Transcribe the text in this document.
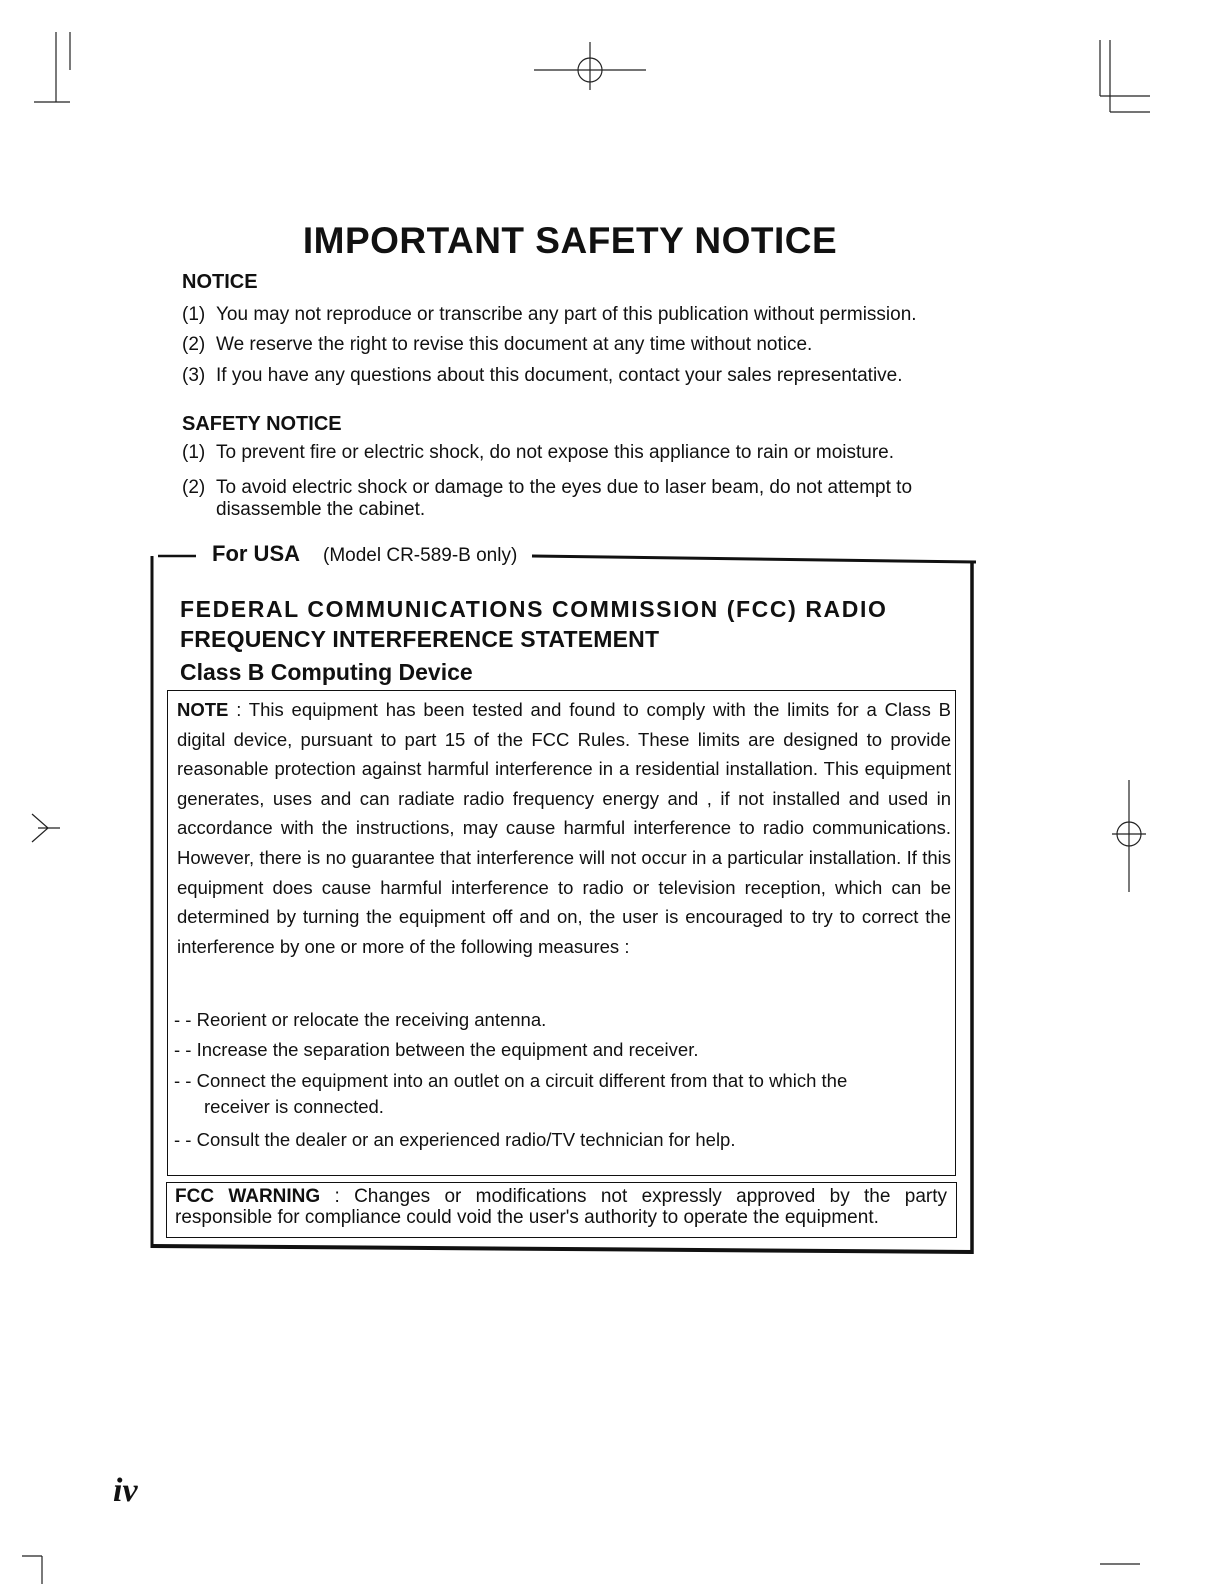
IMPORTANT SAFETY NOTICE
NOTICE
(1) You may not reproduce or transcribe any part of this publication without permission.
(2) We reserve the right to revise this document at any time without notice.
(3) If you have any questions about this document, contact your sales representative.
SAFETY NOTICE
(1) To prevent fire or electric shock, do not expose this appliance to rain or moisture.
(2) To avoid electric shock or damage to the eyes due to laser beam, do not attempt to
disassemble the cabinet.
For USA (Model CR-589-B only)
FEDERAL COMMUNICATIONS COMMISSION (FCC) RADIO
FREQUENCY INTERFERENCE STATEMENT
Class B Computing Device
NOTE : This equipment has been tested and found to comply with the limits for a Class B digital device, pursuant to part 15 of the FCC Rules. These limits are designed to provide reasonable protection against harmful interference in a residential installation. This equipment generates, uses and can radiate radio frequency energy and , if not installed and used in accordance with the instructions, may cause harmful interference to radio communications. However, there is no guarantee that interference will not occur in a particular installation. If this equipment does cause harmful interference to radio or television reception, which can be determined by turning the equipment off and on, the user is encouraged to try to correct the interference by one or more of the following measures :
- - Reorient or relocate the receiving antenna.
- - Increase the separation between the equipment and receiver.
- - Connect the equipment into an outlet on a circuit different from that to which the
receiver is connected.
- - Consult the dealer or an experienced radio/TV technician for help.
FCC WARNING : Changes or modifications not expressly approved by the party responsible for compliance could void the user's authority to operate the equipment.
iv
